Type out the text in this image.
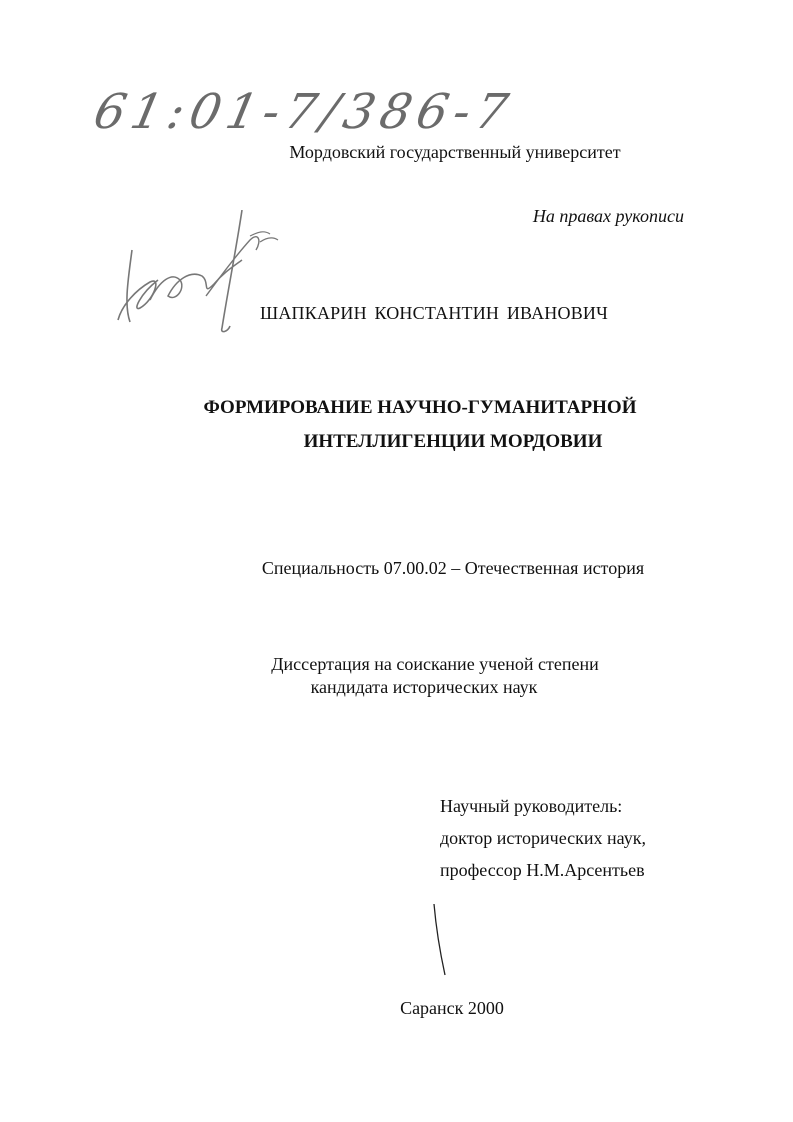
61:01-7/386-7
Мордовский государственный университет
На правах рукописи
ШАПКАРИН КОНСТАНТИН ИВАНОВИЧ
ФОРМИРОВАНИЕ НАУЧНО-ГУМАНИТАРНОЙ
ИНТЕЛЛИГЕНЦИИ МОРДОВИИ
Специальность 07.00.02 – Отечественная история
Диссертация на соискание ученой степени
кандидата исторических наук
Научный руководитель:
доктор исторических наук,
профессор Н.М.Арсентьев
Саранск 2000
